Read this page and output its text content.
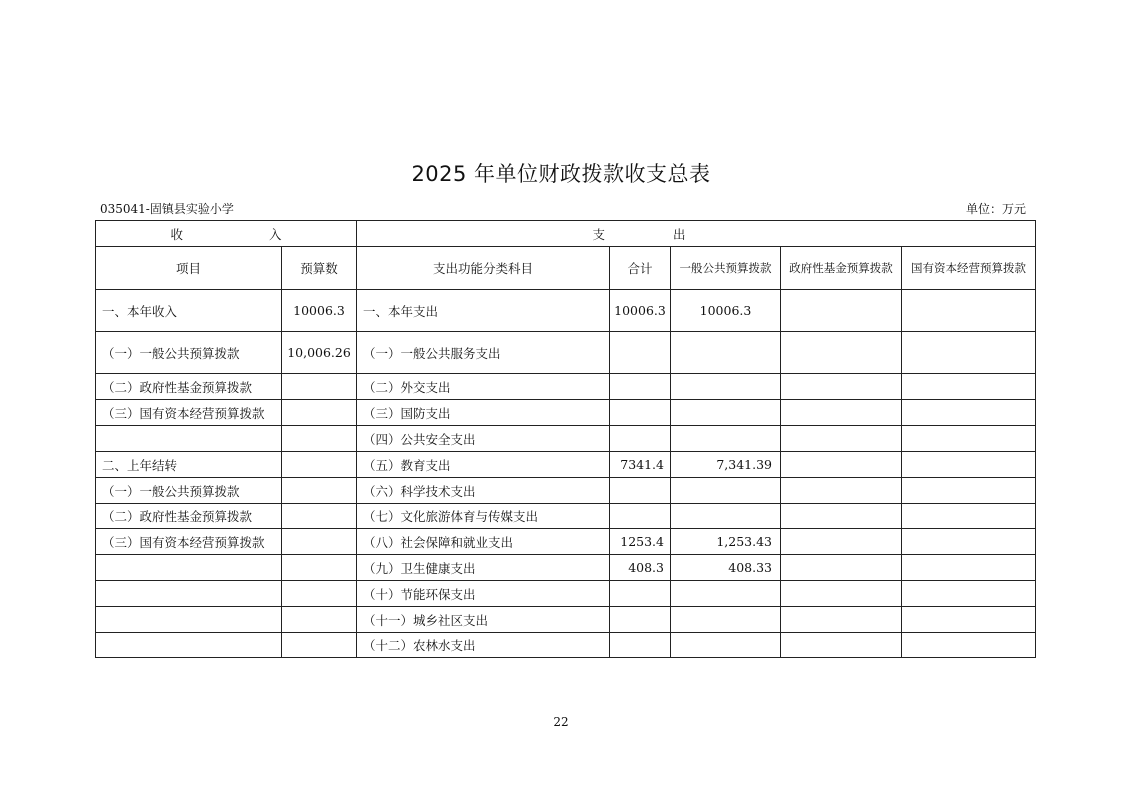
2025 年单位财政拨款收支总表
035041-固镇县实验小学	单位：万元
收 入		支 出				
项目	预算数	支出功能分类科目	合计	一般公共预算拨款	政府性基金预算拨款	国有资本经营预算拨款
一、本年收入	10006.3	一、本年支出	10006.3	10006.3		
（一）一般公共预算拨款	10,006.26	（一）一般公共服务支出				
（二）政府性基金预算拨款		（二）外交支出				
（三）国有资本经营预算拨款		（三）国防支出				
		（四）公共安全支出				
二、上年结转		（五）教育支出	7341.4	7,341.39		
（一）一般公共预算拨款		（六）科学技术支出				
（二）政府性基金预算拨款		（七）文化旅游体育与传媒支出				
（三）国有资本经营预算拨款		（八）社会保障和就业支出	1253.4	1,253.43		
		（九）卫生健康支出	408.3	408.33		
		（十）节能环保支出				
		（十一）城乡社区支出				
		（十二）农林水支出				
22
